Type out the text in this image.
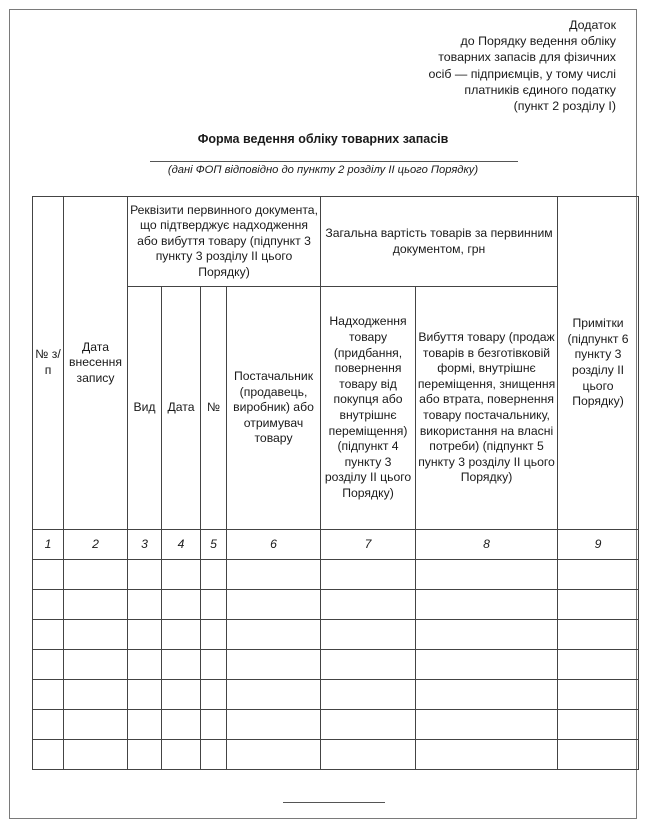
Додаток
до Порядку ведення обліку
товарних запасів для фізичних
осіб — підприємців, у тому числі
платників єдиного податку
(пункт 2 розділу I)
Форма ведення обліку товарних запасів
(дані ФОП відповідно до пункту 2 розділу II цього Порядку)
№ з/п	Дата внесення запису	Реквізити первинного документа, що підтверджує надходження або вибуття товару (підпункт 3 пункту 3 розділу II цього Порядку)				Загальна вартість товарів за первинним документом, грн		Примітки (підпункт 6 пункту 3 розділу II цього Порядку)
		Вид	Дата	№	Постачальник (продавець, виробник) або отримувач товару	Надходження товару (придбання, повернення товару від покупця або внутрішнє переміщення) (підпункт 4 пункту 3 розділу II цього Порядку)	Вибуття товару (продаж товарів в безготівковій формі, внутрішнє переміщення, знищення або втрата, повернення товару постачальнику, використання на власні потреби) (підпункт 5 пункту 3 розділу II цього Порядку)	
1	2	3	4	5	6	7	8	9
